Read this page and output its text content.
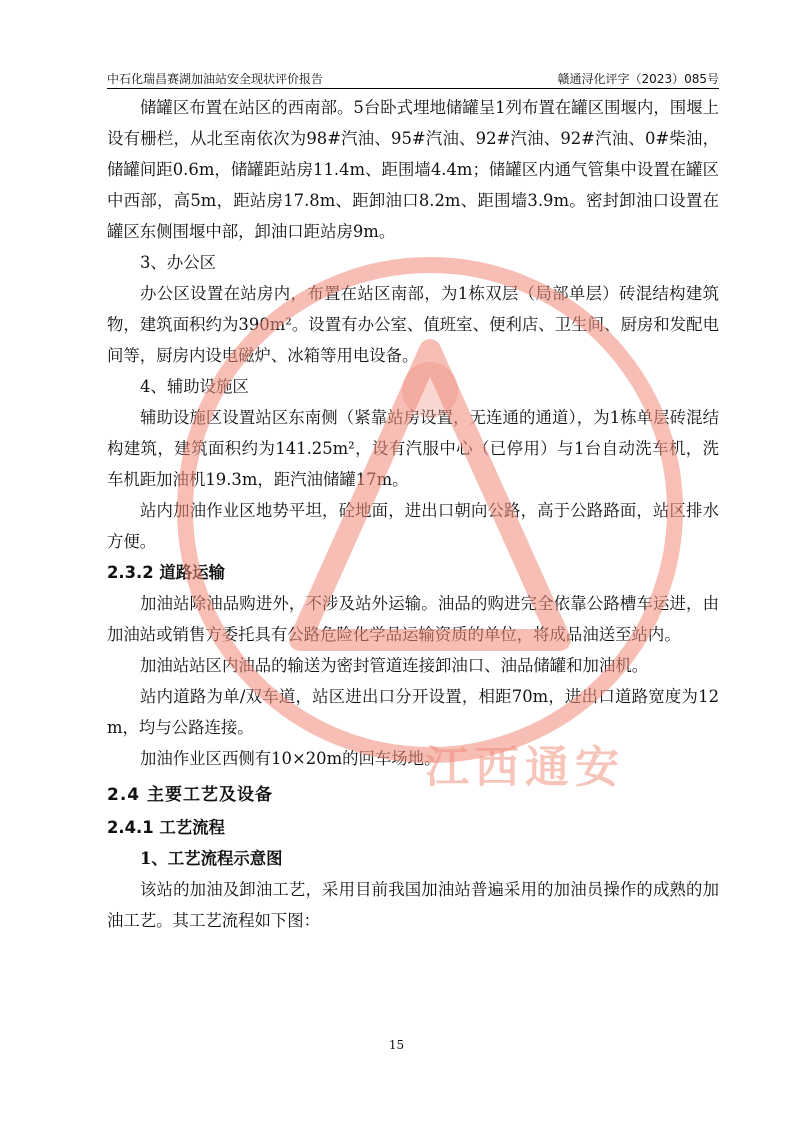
中石化瑞昌赛湖加油站安全现状评价报告	赣通浔化评字（2023）085号

储罐区布置在站区的西南部。5台卧式埋地储罐呈1列布置在罐区围堰内，围堰上设有栅栏，从北至南依次为98#汽油、95#汽油、92#汽油、92#汽油、0#柴油，储罐间距0.6m，储罐距站房11.4m、距围墙4.4m；储罐区内通气管集中设置在罐区中西部，高5m，距站房17.8m、距卸油口8.2m、距围墙3.9m。密封卸油口设置在罐区东侧围堰中部，卸油口距站房9m。

3、办公区

办公区设置在站房内，布置在站区南部，为1栋双层（局部单层）砖混结构建筑物，建筑面积约为390m²。设置有办公室、值班室、便利店、卫生间、厨房和发配电间等，厨房内设电磁炉、冰箱等用电设备。

4、辅助设施区

辅助设施区设置站区东南侧（紧靠站房设置，无连通的通道），为1栋单层砖混结构建筑，建筑面积约为141.25m²，设有汽服中心（已停用）与1台自动洗车机，洗车机距加油机19.3m，距汽油储罐17m。

站内加油作业区地势平坦，砼地面，进出口朝向公路，高于公路路面，站区排水方便。

2.3.2 道路运输

加油站除油品购进外，不涉及站外运输。油品的购进完全依靠公路槽车运进，由加油站或销售方委托具有公路危险化学品运输资质的单位，将成品油送至站内。

加油站站区内油品的输送为密封管道连接卸油口、油品储罐和加油机。

站内道路为单/双车道，站区进出口分开设置，相距70m，进出口道路宽度为12m，均与公路连接。

加油作业区西侧有10×20m的回车场地。

2.4 主要工艺及设备

2.4.1 工艺流程

1、工艺流程示意图

该站的加油及卸油工艺，采用目前我国加油站普遍采用的加油员操作的成熟的加油工艺。其工艺流程如下图：

15
江西通安
